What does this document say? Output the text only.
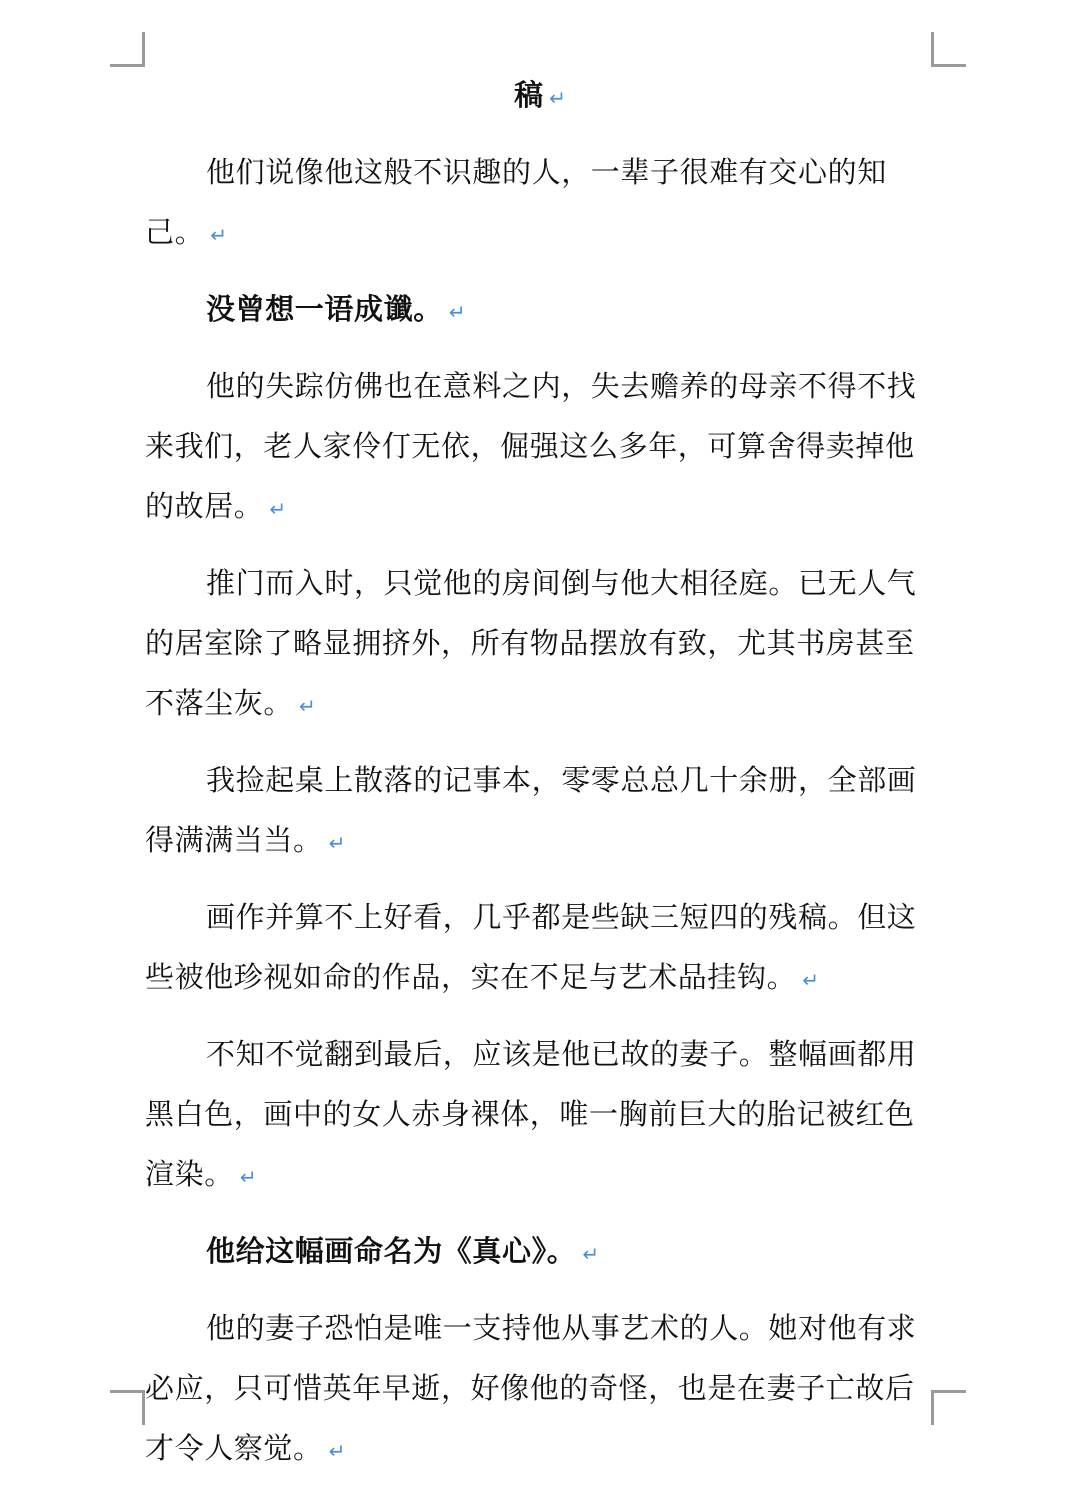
稿 ↵
他们说像他这般不识趣的人，一辈子很难有交心的知己。 ↵
没曾想一语成谶。 ↵
他的失踪仿佛也在意料之内，失去赡养的母亲不得不找来我们，老人家伶仃无依，倔强这么多年，可算舍得卖掉他的故居。 ↵
推门而入时，只觉他的房间倒与他大相径庭。已无人气的居室除了略显拥挤外，所有物品摆放有致，尤其书房甚至不落尘灰。 ↵
我捡起桌上散落的记事本，零零总总几十余册，全部画得满满当当。 ↵
画作并算不上好看，几乎都是些缺三短四的残稿。但这些被他珍视如命的作品，实在不足与艺术品挂钩。 ↵
不知不觉翻到最后，应该是他已故的妻子。整幅画都用黑白色，画中的女人赤身裸体，唯一胸前巨大的胎记被红色渲染。 ↵
他给这幅画命名为《真心》。 ↵
他的妻子恐怕是唯一支持他从事艺术的人。她对他有求必应，只可惜英年早逝，好像他的奇怪，也是在妻子亡故后才令人察觉。 ↵
